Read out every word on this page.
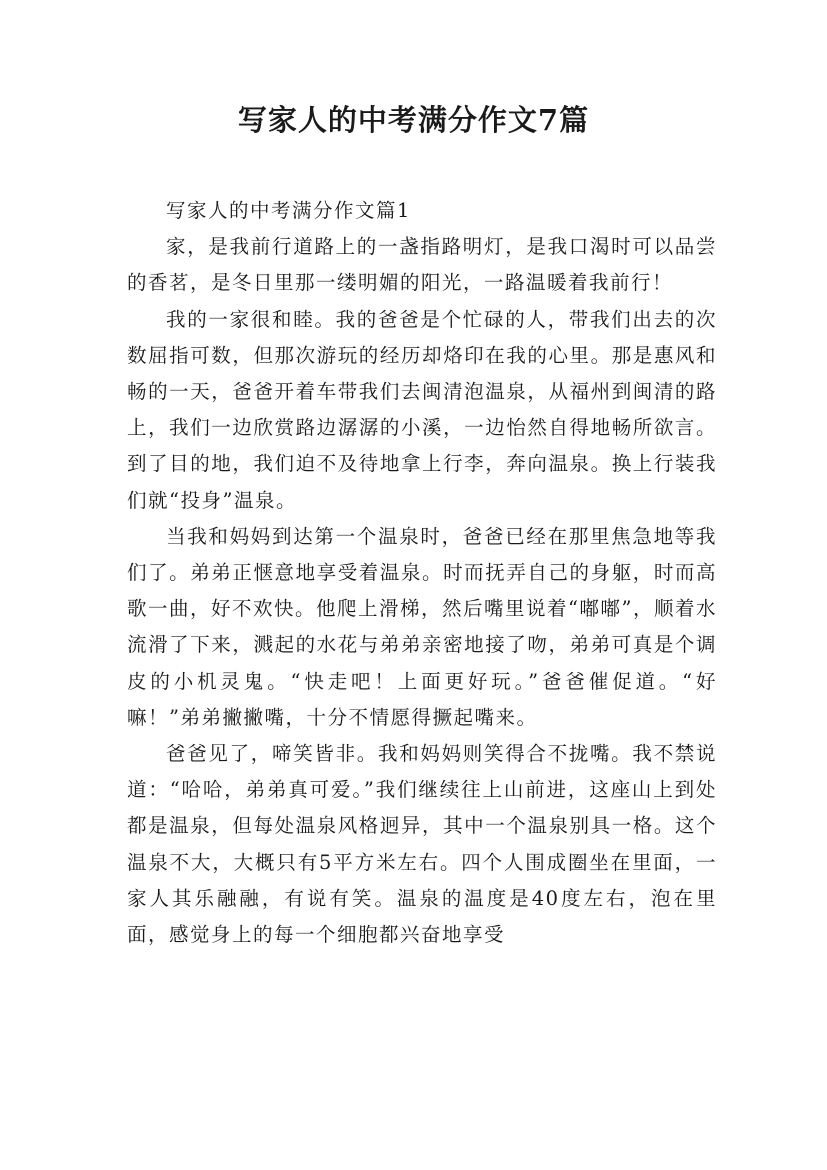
写家人的中考满分作文7篇

写家人的中考满分作文篇1

家，是我前行道路上的一盏指路明灯，是我口渴时可以品尝的香茗，是冬日里那一缕明媚的阳光，一路温暖着我前行！

我的一家很和睦。我的爸爸是个忙碌的人，带我们出去的次数屈指可数，但那次游玩的经历却烙印在我的心里。那是惠风和畅的一天，爸爸开着车带我们去闽清泡温泉，从福州到闽清的路上，我们一边欣赏路边潺潺的小溪，一边怡然自得地畅所欲言。到了目的地，我们迫不及待地拿上行李，奔向温泉。换上行装我们就“投身”温泉。

当我和妈妈到达第一个温泉时，爸爸已经在那里焦急地等我们了。弟弟正惬意地享受着温泉。时而抚弄自己的身躯，时而高歌一曲，好不欢快。他爬上滑梯，然后嘴里说着“嘟嘟”，顺着水流滑了下来，溅起的水花与弟弟亲密地接了吻，弟弟可真是个调皮的小机灵鬼。“快走吧！上面更好玩。”爸爸催促道。“好嘛！”弟弟撇撇嘴，十分不情愿得撅起嘴来。

爸爸见了，啼笑皆非。我和妈妈则笑得合不拢嘴。我不禁说道：“哈哈，弟弟真可爱。”我们继续往上山前进，这座山上到处都是温泉，但每处温泉风格迥异，其中一个温泉别具一格。这个温泉不大，大概只有5平方米左右。四个人围成圈坐在里面，一家人其乐融融，有说有笑。温泉的温度是40度左右，泡在里面，感觉身上的每一个细胞都兴奋地享受
